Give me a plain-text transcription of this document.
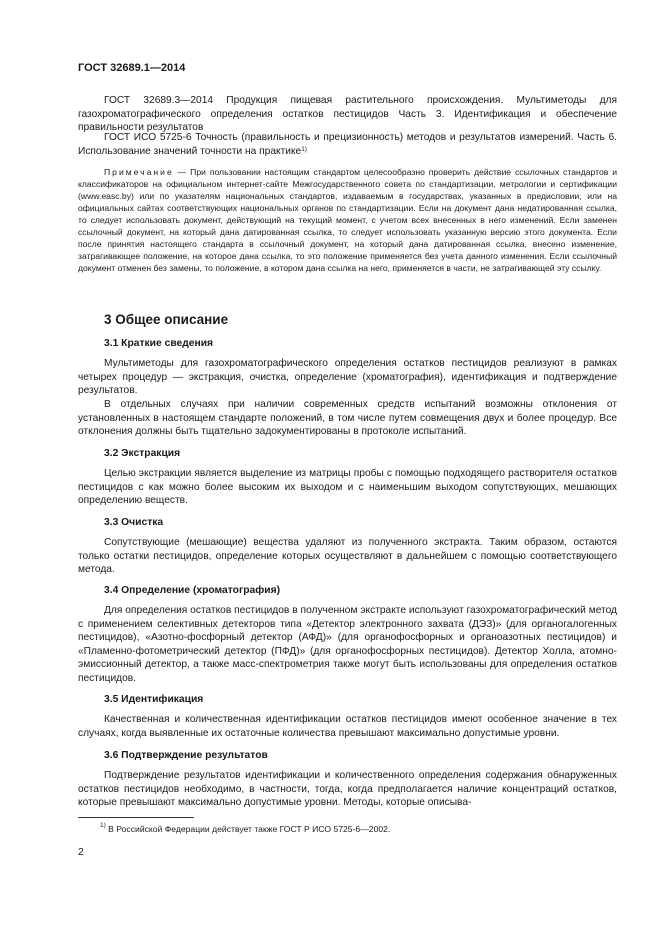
ГОСТ 32689.1—2014

ГОСТ 32689.3—2014 Продукция пищевая растительного происхождения. Мультиметоды для газохроматографического определения остатков пестицидов Часть 3. Идентификация и обеспечение правильности результатов

ГОСТ ИСО 5725-6 Точность (правильность и прецизионность) методов и результатов измерений. Часть 6. Использование значений точности на практике$^{1)}$

Примечание — При пользовании настоящим стандартом целесообразно проверить действие ссылочных стандартов и классификаторов на официальном интернет-сайте Межгосударственного совета по стандартизации, метрологии и сертификации (www.easc.by) или по указателям национальных стандартов, издаваемым в государствах, указанных в предисловии, или на официальных сайтах соответствующих национальных органов по стандартизации. Если на документ дана недатированная ссылка, то следует использовать документ, действующий на текущий момент, с учетом всех внесенных в него изменений. Если заменен ссылочный документ, на который дана датированная ссылка, то следует использовать указанную версию этого документа. Если после принятия настоящего стандарта в ссылочный документ, на который дана датированная ссылка, внесено изменение, затрагивающее положение, на которое дана ссылка, то это положение применяется без учета данного изменения. Если ссылочный документ отменен без замены, то положение, в котором дана ссылка на него, применяется в части, не затрагивающей эту ссылку.

3 Общее описание
3.1 Краткие сведения

Мультиметоды для газохроматографического определения остатков пестицидов реализуют в рамках четырех процедур — экстракция, очистка, определение (хроматография), идентификация и подтверждение результатов.

В отдельных случаях при наличии современных средств испытаний возможны отклонения от установленных в настоящем стандарте положений, в том числе путем совмещения двух и более процедур. Все отклонения должны быть тщательно задокументированы в протоколе испытаний.

3.2 Экстракция

Целью экстракции является выделение из матрицы пробы с помощью подходящего растворителя остатков пестицидов с как можно более высоким их выходом и с наименьшим выходом сопутствующих, мешающих определению веществ.

3.3 Очистка

Сопутствующие (мешающие) вещества удаляют из полученного экстракта. Таким образом, остаются только остатки пестицидов, определение которых осуществляют в дальнейшем с помощью соответствующего метода.

3.4 Определение (хроматография)

Для определения остатков пестицидов в полученном экстракте используют газохроматографический метод с применением селективных детекторов типа «Детектор электронного захвата (ДЭЗ)» (для органогалогенных пестицидов), «Азотно-фосфорный детектор (АФД)» (для органофосфорных и органоазотных пестицидов) и «Пламенно-фотометрический детектор (ПФД)» (для органофосфорных пестицидов). Детектор Холла, атомно-эмиссионный детектор, а также масс-спектрометрия также могут быть использованы для определения остатков пестицидов.

3.5 Идентификация

Качественная и количественная идентификации остатков пестицидов имеют особенное значение в тех случаях, когда выявленные их остаточные количества превышают максимально допустимые уровни.

3.6 Подтверждение результатов

Подтверждение результатов идентификации и количественного определения содержания обнаруженных остатков пестицидов необходимо, в частности, тогда, когда предполагается наличие концентраций остатков, которые превышают максимально допустимые уровни. Методы, которые описыва-

$^{1)}$ В Российской Федерации действует также ГОСТ Р ИСО 5725-6—2002.
2
